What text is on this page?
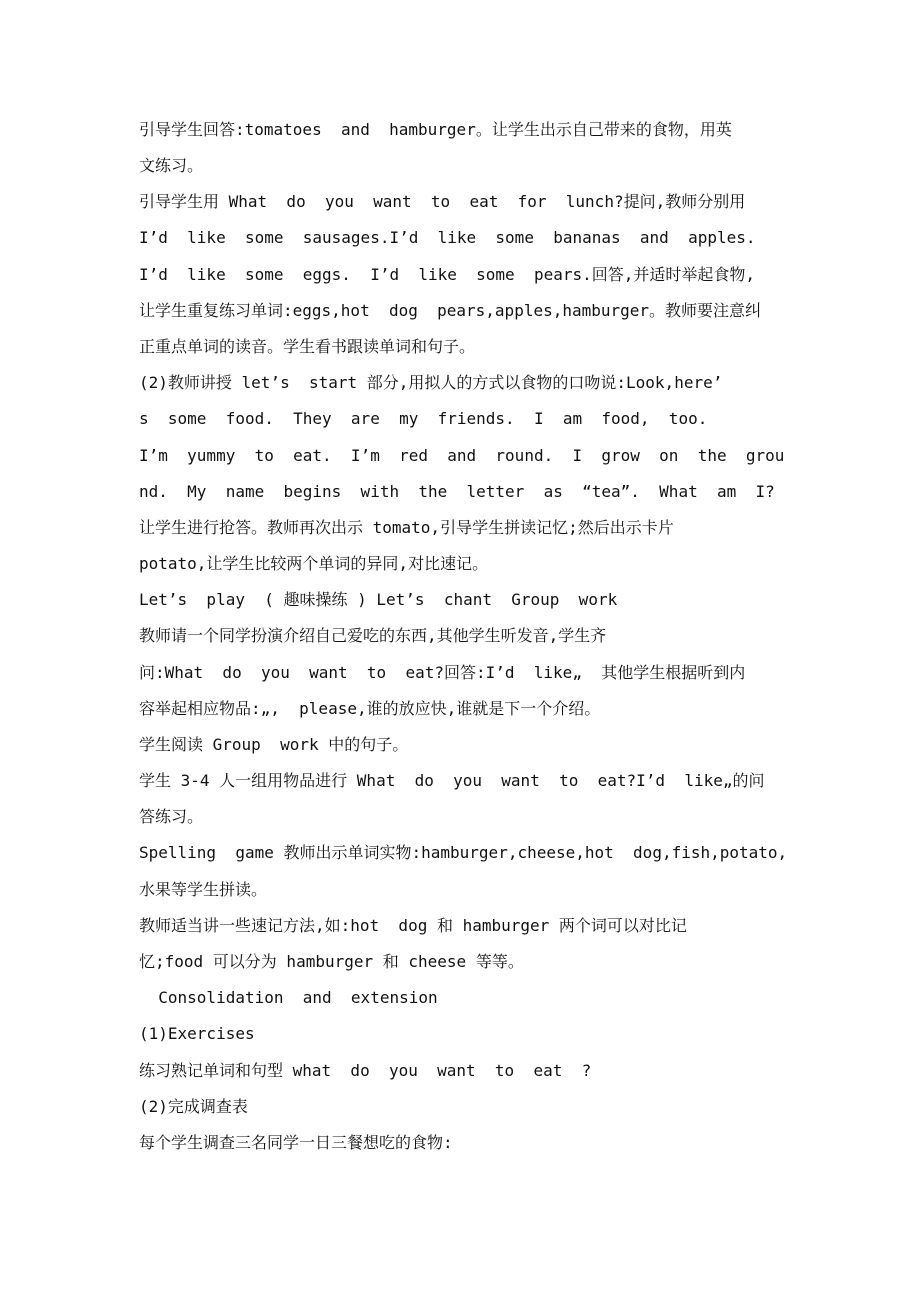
引导学生回答:tomatoes  and  hamburger。让学生出示自己带来的食物，用英
文练习。
引导学生用 What  do  you  want  to  eat  for  lunch?提问,教师分别用
I’d  like  some  sausages.I’d  like  some  bananas  and  apples.
I’d  like  some  eggs.  I’d  like  some  pears.回答,并适时举起食物,
让学生重复练习单词:eggs,hot  dog  pears,apples,hamburger。教师要注意纠
正重点单词的读音。学生看书跟读单词和句子。
(2)教师讲授 let’s  start 部分,用拟人的方式以食物的口吻说:Look,here’
s  some  food.  They  are  my  friends.  I  am  food,  too.
I’m  yummy  to  eat.  I’m  red  and  round.  I  grow  on  the  grou
nd.  My  name  begins  with  the  letter  as  “tea”.  What  am  I?
让学生进行抢答。教师再次出示 tomato,引导学生拼读记忆;然后出示卡片
potato,让学生比较两个单词的异同,对比速记。
Let’s  play  ( 趣味操练 ) Let’s  chant  Group  work
教师请一个同学扮演介绍自己爱吃的东西,其他学生听发音,学生齐
问:What  do  you  want  to  eat?回答:I’d  like„  其他学生根据听到内
容举起相应物品:„,  please,谁的放应快,谁就是下一个介绍。
学生阅读 Group  work 中的句子。
学生 3-4 人一组用物品进行 What  do  you  want  to  eat?I’d  like„的问
答练习。
Spelling  game 教师出示单词实物:hamburger,cheese,hot  dog,fish,potato,
水果等学生拼读。
教师适当讲一些速记方法,如:hot  dog 和 hamburger 两个词可以对比记
忆;food 可以分为 hamburger 和 cheese 等等。
Consolidation  and  extension
(1)Exercises
练习熟记单词和句型 what  do  you  want  to  eat  ?
(2)完成调查表
每个学生调查三名同学一日三餐想吃的食物:
